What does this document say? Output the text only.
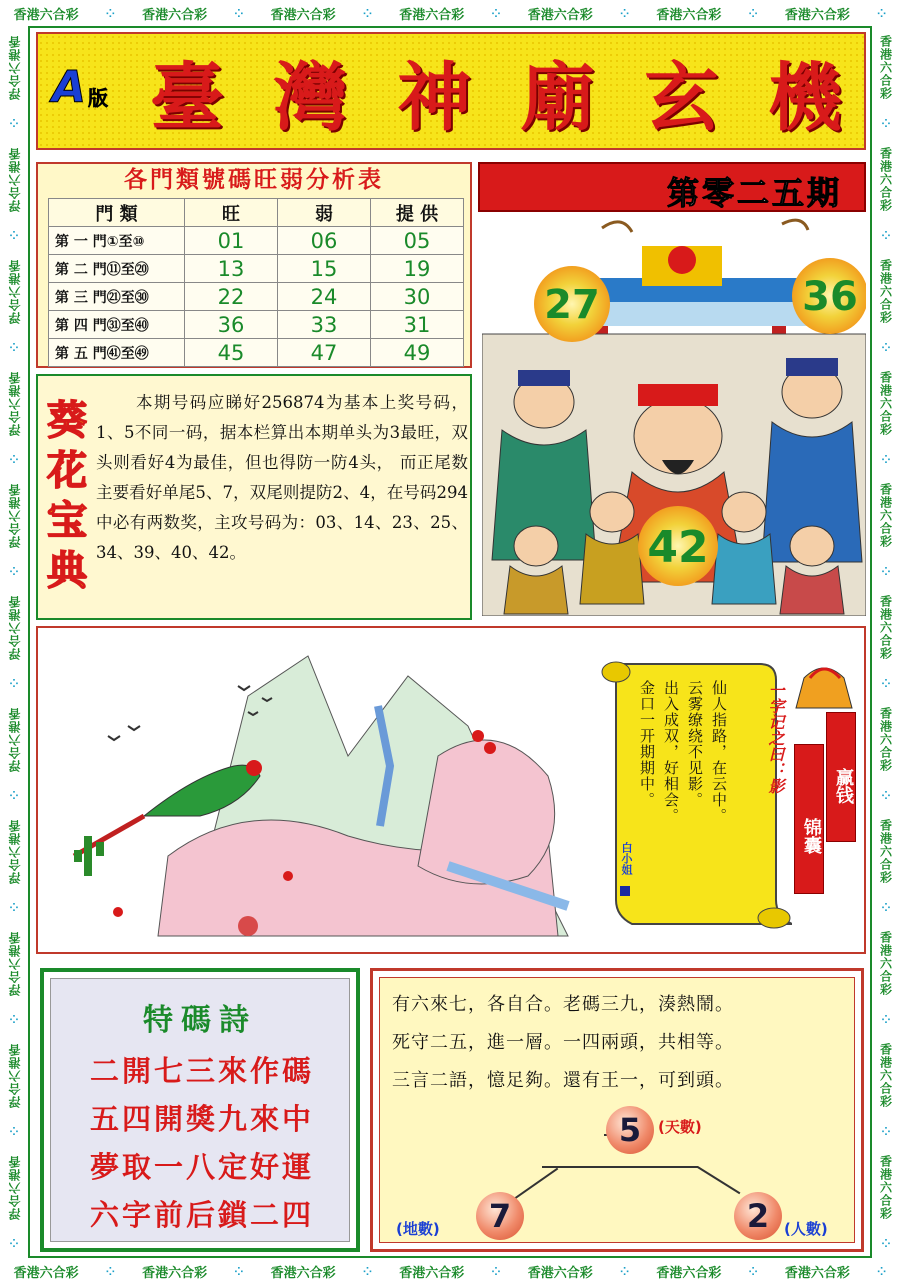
香港六合彩 ⁘ 香港六合彩 ⁘ 香港六合彩 ⁘ 香港六合彩 ⁘ 香港六合彩 ⁘ 香港六合彩 ⁘ 香港六合彩 ⁘
香港六合彩 ⁘ 香港六合彩 ⁘ 香港六合彩 ⁘ 香港六合彩 ⁘ 香港六合彩 ⁘ 香港六合彩 ⁘ 香港六合彩 ⁘
浮合六港香
⁘
浮合六港香
⁘
浮合六港香
⁘
浮合六港香
⁘
浮合六港香
⁘
浮合六港香
⁘
浮合六港香
⁘
浮合六港香
⁘
浮合六港香
⁘
浮合六港香
⁘
浮合六港香
⁘
香港六合彩
⁘
香港六合彩
⁘
香港六合彩
⁘
香港六合彩
⁘
香港六合彩
⁘
香港六合彩
⁘
香港六合彩
⁘
香港六合彩
⁘
香港六合彩
⁘
香港六合彩
⁘
香港六合彩
⁘
A 版 臺 灣 神 廟 玄 機
各門類號碼旺弱分析表
門 類	旺	弱	提 供
第 一 門①至⑩	01	06	05
第 二 門⑪至⑳	13	15	19
第 三 門㉑至㉚	22	24	30
第 四 門㉛至㊵	36	33	31
第 五 門㊶至㊾	45	47	49
第零二五期
27	36
42
葵
花
宝
典
本期号码应睇好256874为基本上奖号码，1、5不同一码，据本栏算出本期单头为3最旺，双头则看好4为最佳，但也得防一防4头， 而正尾数主要看好单尾5、7，双尾则提防2、4，在号码294中必有两数奖，主攻号码为：03、14、23、25、34、39、40、42。
一字记之曰：影
仙人指路，在云中。
云雾缭绕不见影。
出入成双，好相会。
金口一开期期中。
白小姐
赢钱
锦囊
特碼詩
二開七三來作碼
五四開獎九來中
夢取一八定好運
六字前后鎖二四
有六來七，各自合。老碼三九，湊熱鬧。
死守二五，進一層。一四兩頭，共相等。
三言二語，憶足夠。還有王一，可到頭。
5	(天數)
7
(地數)	2 (人數)
